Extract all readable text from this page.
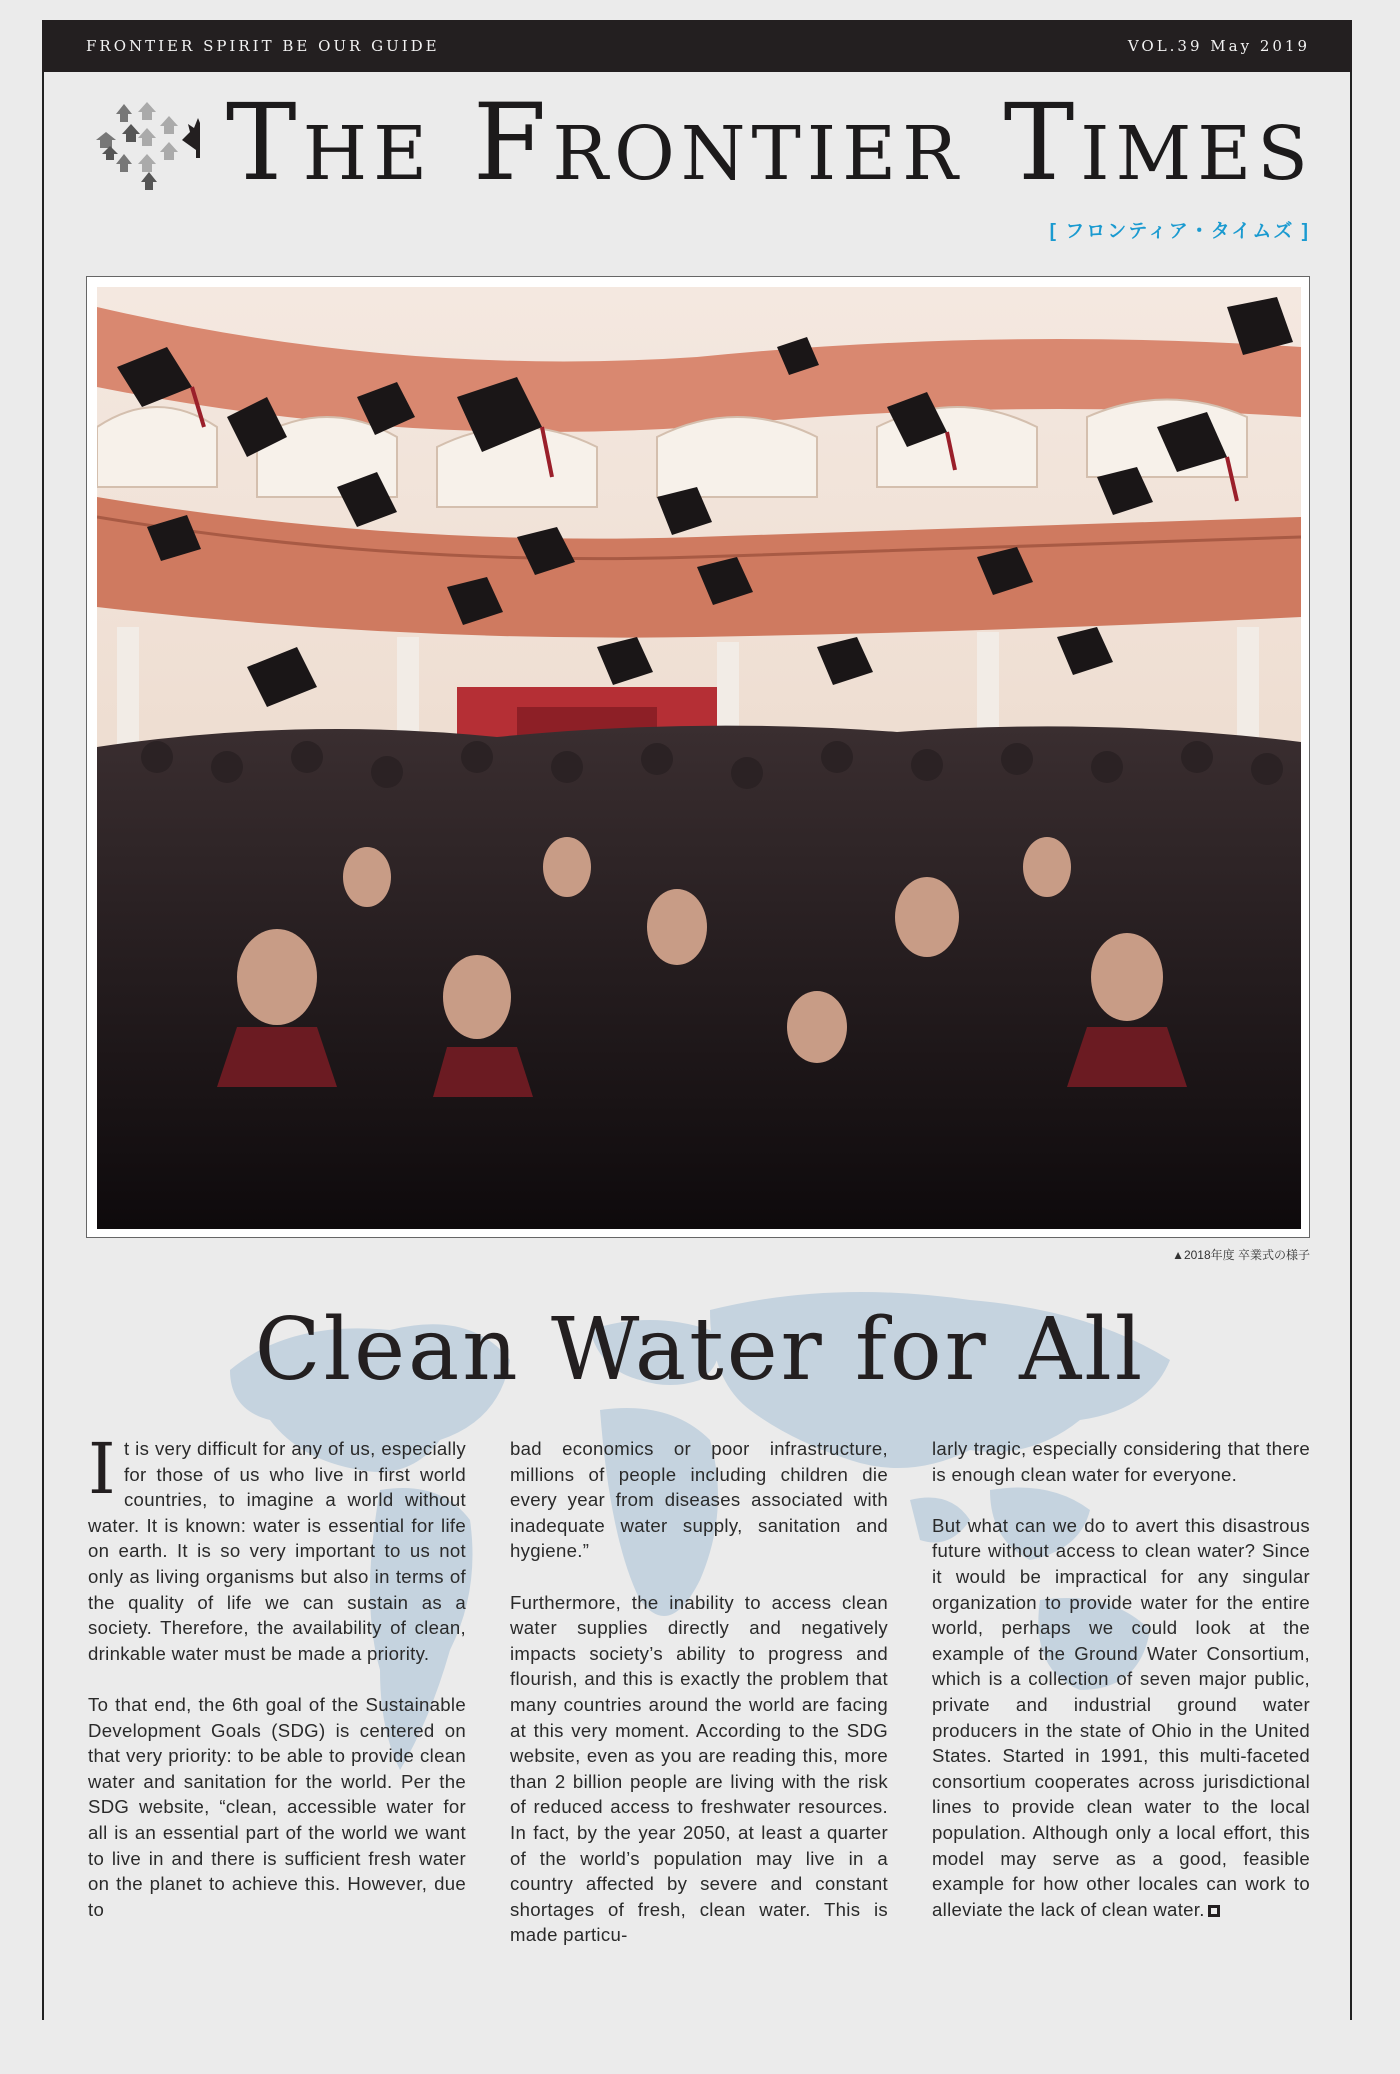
FRONTIER SPIRIT BE OUR GUIDE	VOL.39 May 2019
The Frontier Times
[ フロンティア・タイムズ ]
▲2018年度 卒業式の様子
Clean Water for All

It is very difficult for any of us, especially for those of us who live in first world countries, to imagine a world without water. It is known: water is essential for life on earth. It is so very important to us not only as living organisms but also in terms of the quality of life we can sustain as a society. Therefore, the availability of clean, drinkable water must be made a priority.

To that end, the 6th goal of the Sustainable Development Goals (SDG) is centered on that very priority: to be able to provide clean water and sanitation for the world. Per the SDG website, “clean, accessible water for all is an essential part of the world we want to live in and there is sufficient fresh water on the planet to achieve this. However, due to

bad economics or poor infrastructure, millions of people including children die every year from diseases associated with inadequate water supply, sanitation and hygiene.”

Furthermore, the inability to access clean water supplies directly and negatively impacts society’s ability to progress and flourish, and this is exactly the problem that many countries around the world are facing at this very moment. According to the SDG website, even as you are reading this, more than 2 billion people are living with the risk of reduced access to freshwater resources. In fact, by the year 2050, at least a quarter of the world’s population may live in a country affected by severe and constant shortages of fresh, clean water. This is made particu-

larly tragic, especially considering that there is enough clean water for everyone.

But what can we do to avert this disastrous future without access to clean water? Since it would be impractical for any singular organization to provide water for the entire world, perhaps we could look at the example of the Ground Water Consortium, which is a collection of seven major public, private and industrial ground water producers in the state of Ohio in the United States. Started in 1991, this multi-faceted consortium cooperates across jurisdictional lines to provide clean water to the local population. Although only a local effort, this model may serve as a good, feasible example for how other locales can work to alleviate the lack of clean water.
